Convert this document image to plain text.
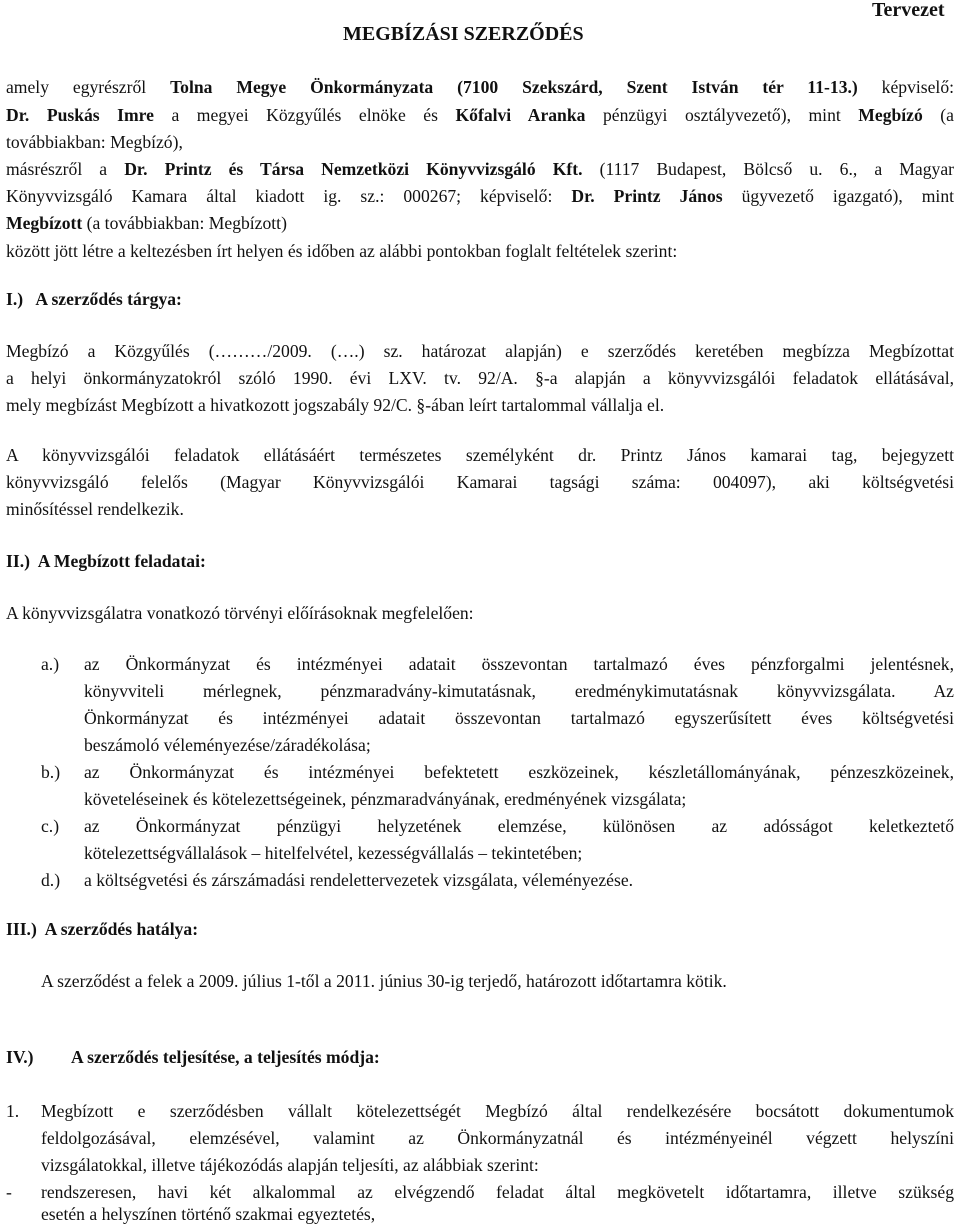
Tervezet
MEGBÍZÁSI SZERZŐDÉS
amely egyrészről Tolna Megye Önkormányzata (7100 Szekszárd, Szent István tér 11-13.) képviselő:
Dr. Puskás Imre a megyei Közgyűlés elnöke és Kőfalvi Aranka pénzügyi osztályvezető), mint Megbízó (a
továbbiakban: Megbízó),
másrészről a Dr. Printz és Társa Nemzetközi Könyvvizsgáló Kft. (1117 Budapest, Bölcső u. 6., a Magyar
Könyvvizsgáló Kamara által kiadott ig. sz.: 000267; képviselő: Dr. Printz János ügyvezető igazgató), mint
Megbízott (a továbbiakban: Megbízott)
között jött létre a keltezésben írt helyen és időben az alábbi pontokban foglalt feltételek szerint:
I.)   A szerződés tárgya:
Megbízó a Közgyűlés (………/2009. (….) sz. határozat alapján) e szerződés keretében megbízza Megbízottat
a helyi önkormányzatokról szóló 1990. évi LXV. tv. 92/A. §-a alapján a könyvvizsgálói feladatok ellátásával,
mely megbízást Megbízott a hivatkozott jogszabály 92/C. §-ában leírt tartalommal vállalja el.
A könyvvizsgálói feladatok ellátásáért természetes személyként dr. Printz János kamarai tag, bejegyzett
könyvvizsgáló felelős (Magyar Könyvvizsgálói Kamarai tagsági száma: 004097), aki költségvetési
minősítéssel rendelkezik.
II.)  A Megbízott feladatai:
A könyvvizsgálatra vonatkozó törvényi előírásoknak megfelelően:
a.) az Önkormányzat és intézményei adatait összevontan tartalmazó éves pénzforgalmi jelentésnek,
könyvviteli mérlegnek, pénzmaradvány-kimutatásnak, eredménykimutatásnak könyvvizsgálata. Az
Önkormányzat és intézményei adatait összevontan tartalmazó egyszerűsített éves költségvetési
beszámoló véleményezése/záradékolása;
b.) az Önkormányzat és intézményei befektetett eszközeinek, készletállományának, pénzeszközeinek,
követeléseinek és kötelezettségeinek, pénzmaradványának, eredményének vizsgálata;
c.) az Önkormányzat pénzügyi helyzetének elemzése, különösen az adósságot keletkeztető
kötelezettségvállalások – hitelfelvétel, kezességvállalás – tekintetében;
d.) a költségvetési és zárszámadási rendelettervezetek vizsgálata, véleményezése.
III.)  A szerződés hatálya:
A szerződést a felek a 2009. július 1-től a 2011. június 30-ig terjedő, határozott időtartamra kötik.
IV.) A szerződés teljesítése, a teljesítés módja:
1. Megbízott e szerződésben vállalt kötelezettségét Megbízó által rendelkezésére bocsátott dokumentumok
feldolgozásával, elemzésével, valamint az Önkormányzatnál és intézményeinél végzett helyszíni
vizsgálatokkal, illetve tájékozódás alapján teljesíti, az alábbiak szerint:
- rendszeresen, havi két alkalommal az elvégzendő feladat által megkövetelt időtartamra, illetve szükség
esetén a helyszínen történő szakmai egyeztetés,
